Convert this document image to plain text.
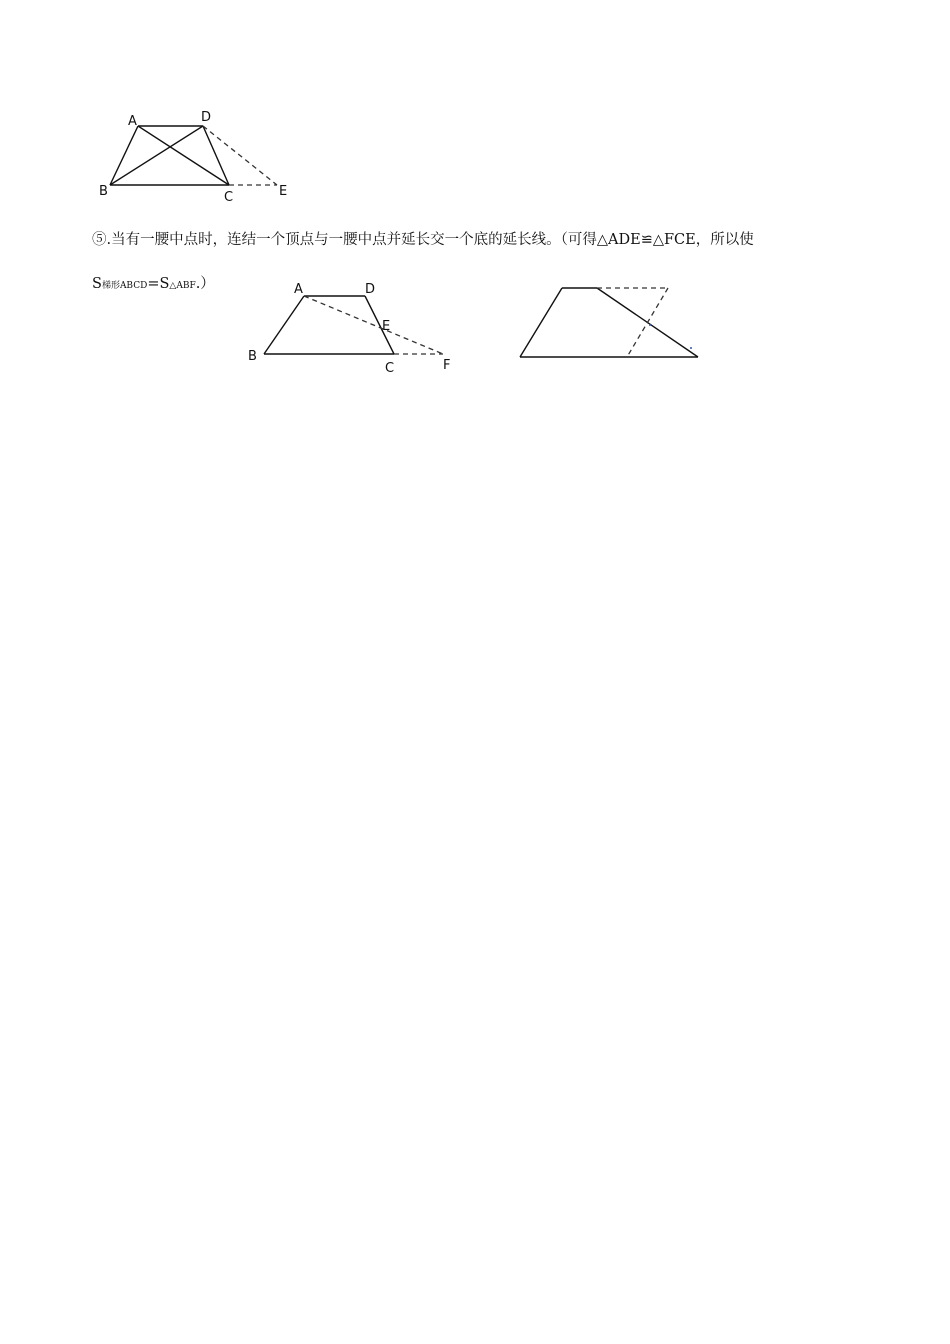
A	D
B	C	E
⑤.当有一腰中点时，连结一个顶点与一腰中点并延长交一个底的延长线。（可得△ADE≌△FCE，所以使
S梯形ABCD=S△ABF.）	A	D
E
B
C	F
